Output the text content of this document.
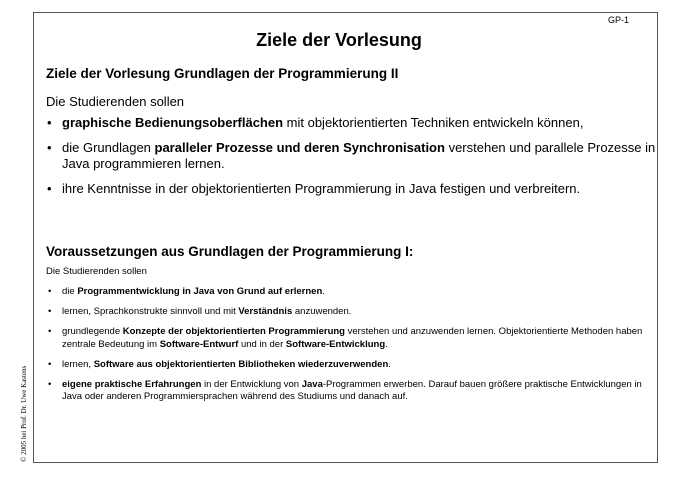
GP-1
Ziele der Vorlesung
Ziele der Vorlesung Grundlagen der Programmierung II
Die Studierenden sollen
• graphische Bedienungsoberflächen mit objektorientierten Techniken entwickeln können,
• die Grundlagen paralleler Prozesse und deren Synchronisation verstehen und parallele Prozesse in Java programmieren lernen.
• ihre Kenntnisse in der objektorientierten Programmierung in Java festigen und verbreitern.
Voraussetzungen aus Grundlagen der Programmierung I:
Die Studierenden sollen
• die Programmentwicklung in Java von Grund auf erlernen.
• lernen, Sprachkonstrukte sinnvoll und mit Verständnis anzuwenden.
• grundlegende Konzepte der objektorientierten Programmierung verstehen und anzuwenden lernen. Objektorientierte Methoden haben zentrale Bedeutung im Software-Entwurf und in der Software-Entwicklung.
• lernen, Software aus objektorientierten Bibliotheken wiederzuverwenden.
• eigene praktische Erfahrungen in der Entwicklung von Java-Programmen erwerben. Darauf bauen größere praktische Entwicklungen in Java oder anderen Programmiersprachen während des Studiums und danach auf.
© 2005 bei Prof. Dr. Uwe Kastens
